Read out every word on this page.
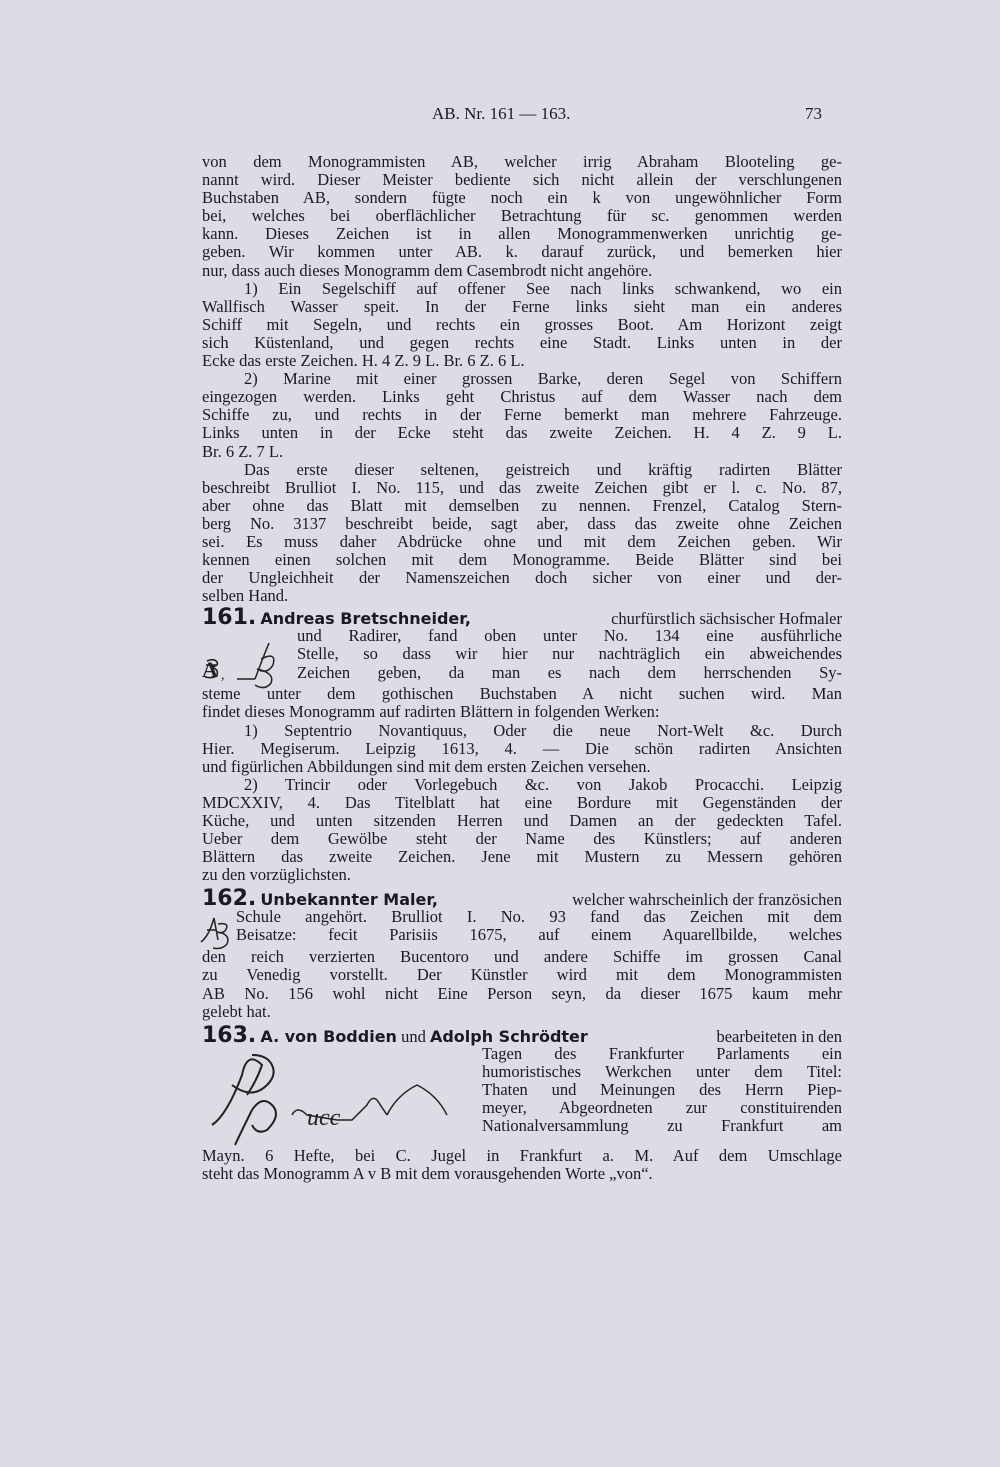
AB. Nr. 161 — 163.	73
von dem Monogrammisten AB, welcher irrig Abraham Blooteling ge-
nannt wird. Dieser Meister bediente sich nicht allein der verschlungenen
Buchstaben AB, sondern fügte noch ein k von ungewöhnlicher Form
bei, welches bei oberflächlicher Betrachtung für sc. genommen werden
kann. Dieses Zeichen ist in allen Monogrammenwerken unrichtig ge-
geben. Wir kommen unter AB. k. darauf zurück, und bemerken hier
nur, dass auch dieses Monogramm dem Casembrodt nicht angehöre.
1) Ein Segelschiff auf offener See nach links schwankend, wo ein
Wallfisch Wasser speit. In der Ferne links sieht man ein anderes
Schiff mit Segeln, und rechts ein grosses Boot. Am Horizont zeigt
sich Küstenland, und gegen rechts eine Stadt. Links unten in der
Ecke das erste Zeichen. H. 4 Z. 9 L. Br. 6 Z. 6 L.
2) Marine mit einer grossen Barke, deren Segel von Schiffern
eingezogen werden. Links geht Christus auf dem Wasser nach dem
Schiffe zu, und rechts in der Ferne bemerkt man mehrere Fahrzeuge.
Links unten in der Ecke steht das zweite Zeichen. H. 4 Z. 9 L.
Br. 6 Z. 7 L.
Das erste dieser seltenen, geistreich und kräftig radirten Blätter
beschreibt Brulliot I. No. 115, und das zweite Zeichen gibt er l. c. No. 87,
aber ohne das Blatt mit demselben zu nennen. Frenzel, Catalog Stern-
berg No. 3137 beschreibt beide, sagt aber, dass das zweite ohne Zeichen
sei. Es muss daher Abdrücke ohne und mit dem Zeichen geben. Wir
kennen einen solchen mit dem Monogramme. Beide Blätter sind bei
der Ungleichheit der Namenszeichen doch sicher von einer und der-
selben Hand.
161. Andreas Bretschneider,	churfürstlich sächsischer Hofmaler
A ,
und Radirer, fand oben unter No. 134 eine ausführliche
Stelle, so dass wir hier nur nachträglich ein abweichendes
Zeichen geben, da man es nach dem herrschenden Sy-
steme unter dem gothischen Buchstaben A nicht suchen wird. Man
findet dieses Monogramm auf radirten Blättern in folgenden Werken:
1) Septentrio Novantiquus, Oder die neue Nort-Welt &c. Durch
Hier. Megiserum. Leipzig 1613, 4. — Die schön radirten Ansichten
und figürlichen Abbildungen sind mit dem ersten Zeichen versehen.
2) Trincir oder Vorlegebuch &c. von Jakob Procacchi. Leipzig
MDCXXIV, 4. Das Titelblatt hat eine Bordure mit Gegenständen der
Küche, und unten sitzenden Herren und Damen an der gedeckten Tafel.
Ueber dem Gewölbe steht der Name des Künstlers; auf anderen
Blättern das zweite Zeichen. Jene mit Mustern zu Messern gehören
zu den vorzüglichsten.
162. Unbekannter Maler,	welcher wahrscheinlich der französichen
Schule angehört. Brulliot I. No. 93 fand das Zeichen mit dem
Beisatze: fecit Parisiis 1675, auf einem Aquarellbilde, welches
den reich verzierten Bucentoro und andere Schiffe im grossen Canal
zu Venedig vorstellt. Der Künstler wird mit dem Monogrammisten
AB No. 156 wohl nicht Eine Person seyn, da dieser 1675 kaum mehr
gelebt hat.
163. A. von Boddien und Adolph Schrödter	bearbeiteten in den
ucc
Tagen des Frankfurter Parlaments ein
humoristisches Werkchen unter dem Titel:
Thaten und Meinungen des Herrn Piep-
meyer, Abgeordneten zur constituirenden
Nationalversammlung zu Frankfurt am
Mayn. 6 Hefte, bei C. Jugel in Frankfurt a. M. Auf dem Umschlage
steht das Monogramm A v B mit dem vorausgehenden Worte „von“.
